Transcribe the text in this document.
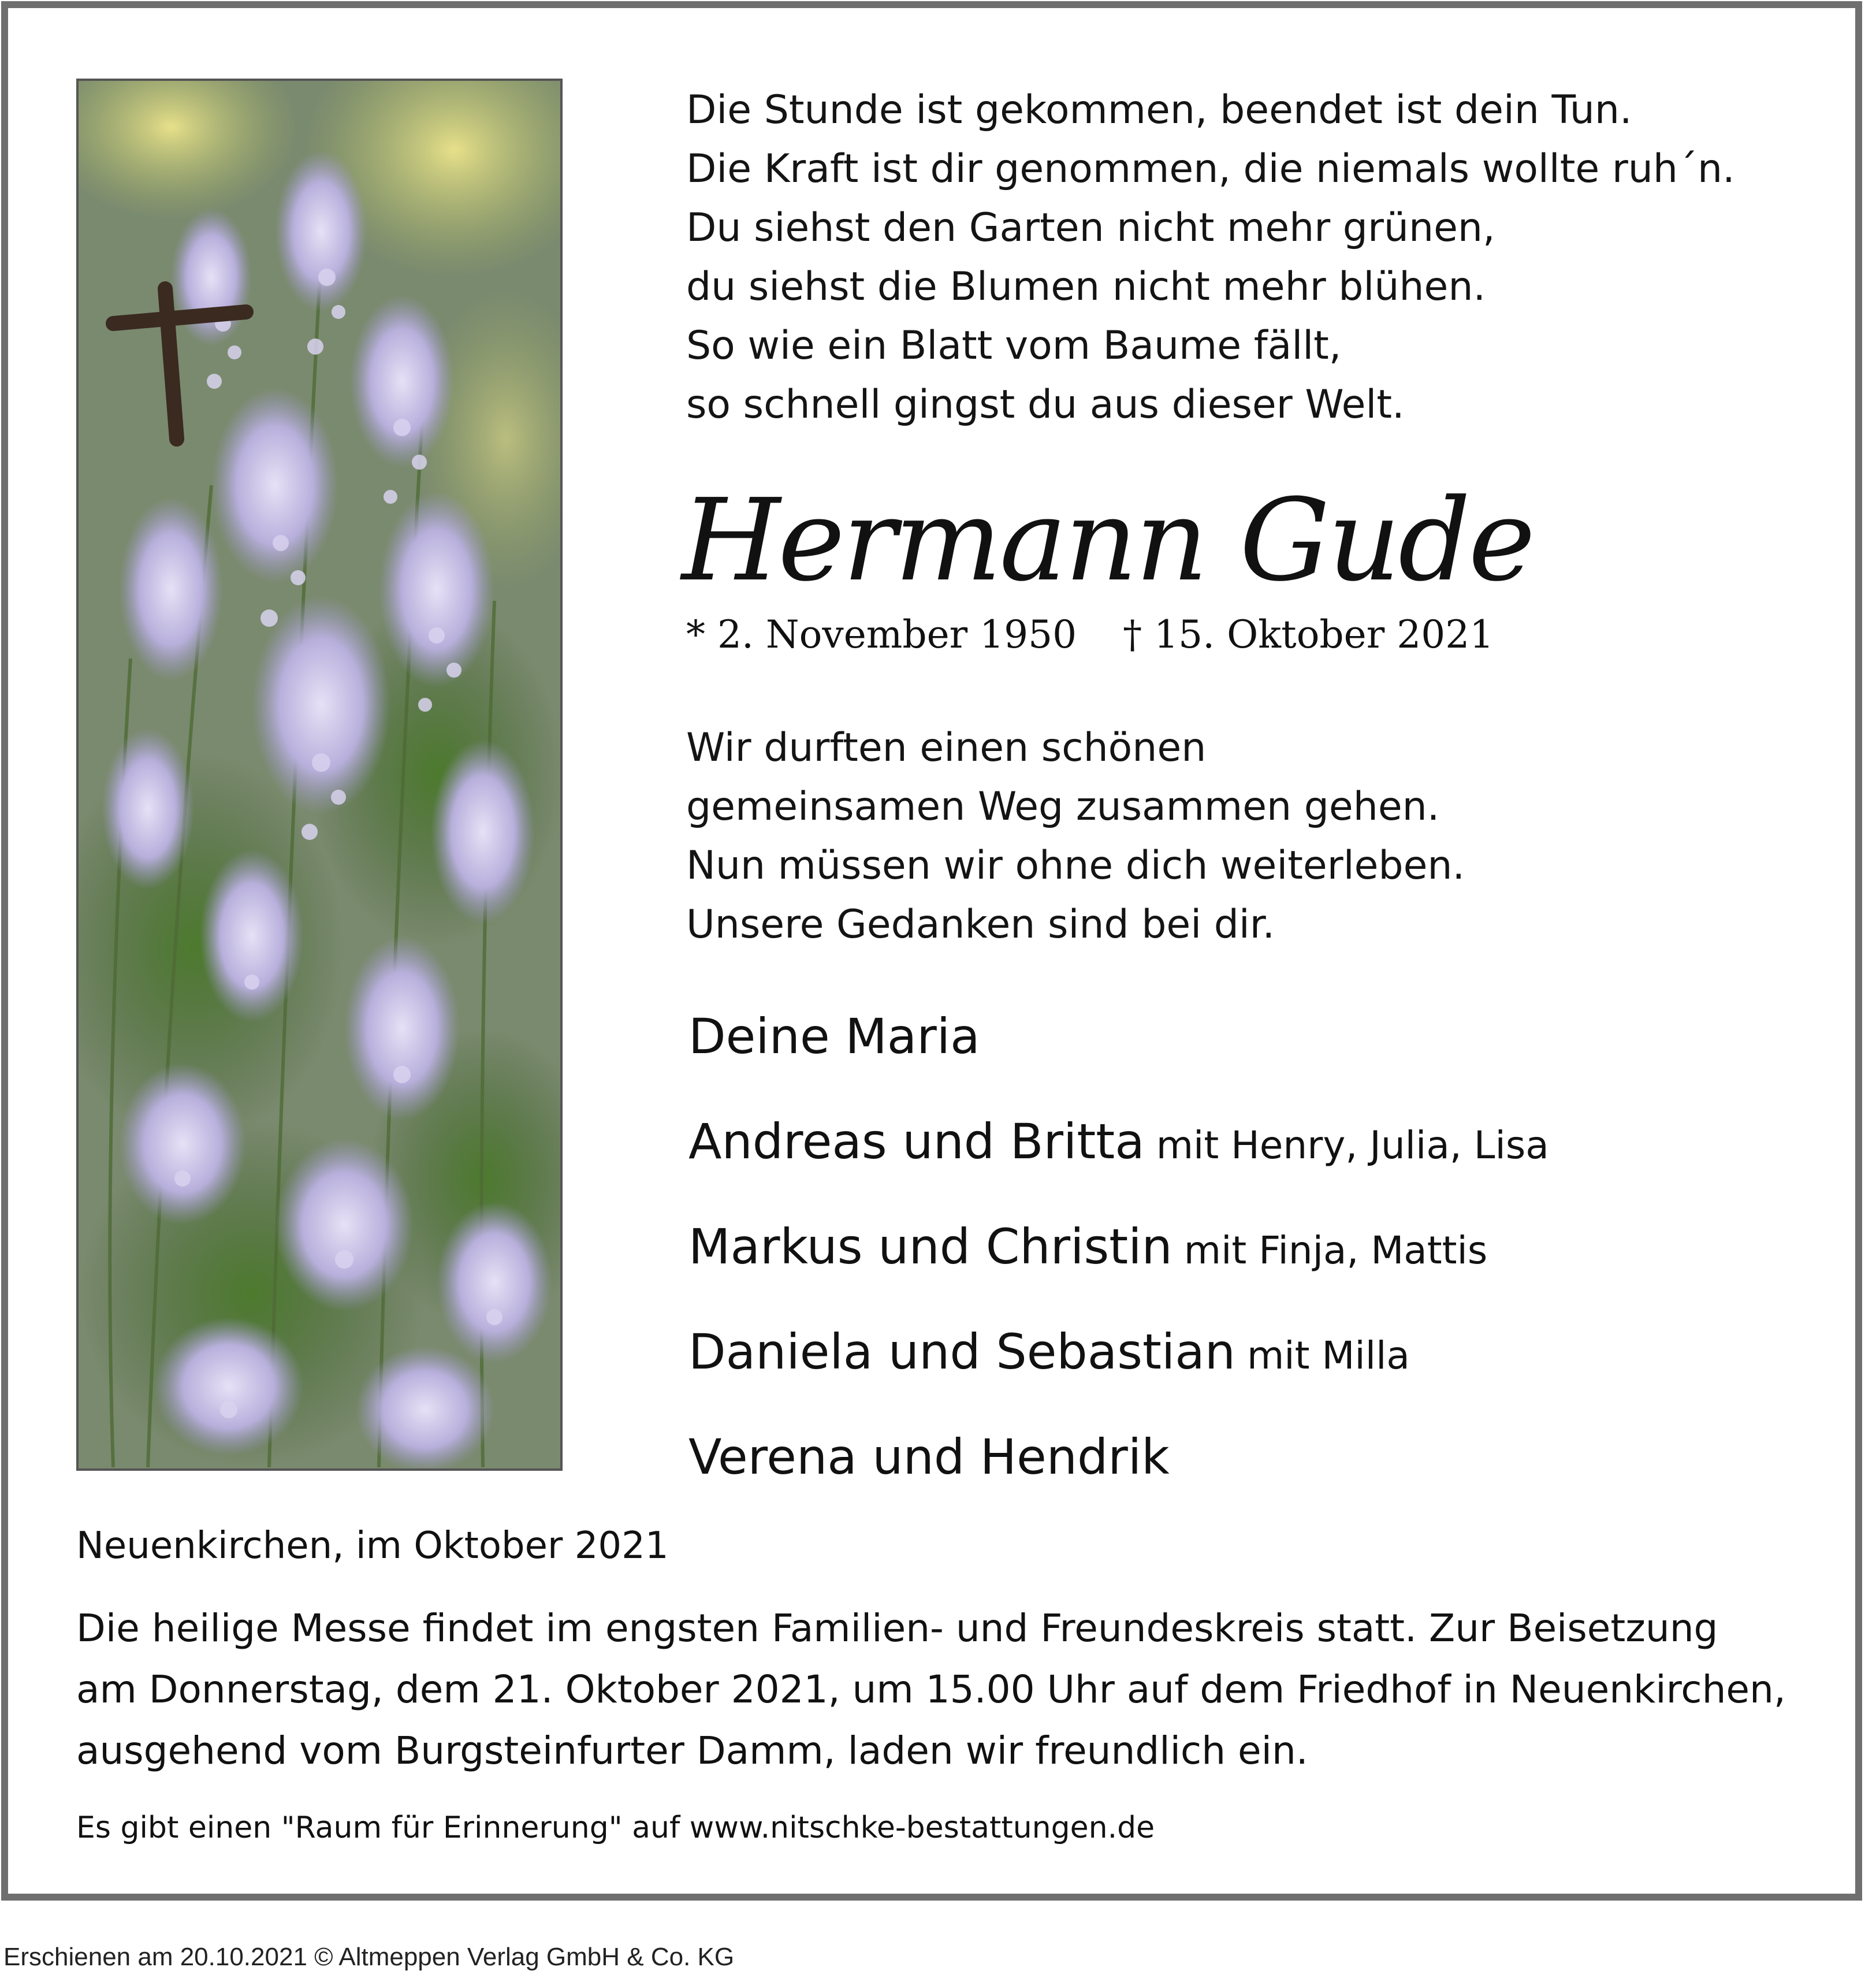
Die Stunde ist gekommen, beendet ist dein Tun.
Die Kraft ist dir genommen, die niemals wollte ruh´n.
Du siehst den Garten nicht mehr grünen,
du siehst die Blumen nicht mehr blühen.
So wie ein Blatt vom Baume fällt,
so schnell gingst du aus dieser Welt.
Hermann Gude
* 2. November 1950 † 15. Oktober 2021
Wir durften einen schönen
gemeinsamen Weg zusammen gehen.
Nun müssen wir ohne dich weiterleben.
Unsere Gedanken sind bei dir.
Deine Maria
Andreas und Britta mit Henry, Julia, Lisa
Markus und Christin mit Finja, Mattis
Daniela und Sebastian mit Milla
Verena und Hendrik
Neuenkirchen, im Oktober 2021
Die heilige Messe findet im engsten Familien- und Freundeskreis statt. Zur Beisetzung
am Donnerstag, dem 21. Oktober 2021, um 15.00 Uhr auf dem Friedhof in Neuenkirchen,
ausgehend vom Burgsteinfurter Damm, laden wir freundlich ein.
Es gibt einen "Raum für Erinnerung" auf www.nitschke-bestattungen.de
Erschienen am 20.10.2021 © Altmeppen Verlag GmbH & Co. KG
